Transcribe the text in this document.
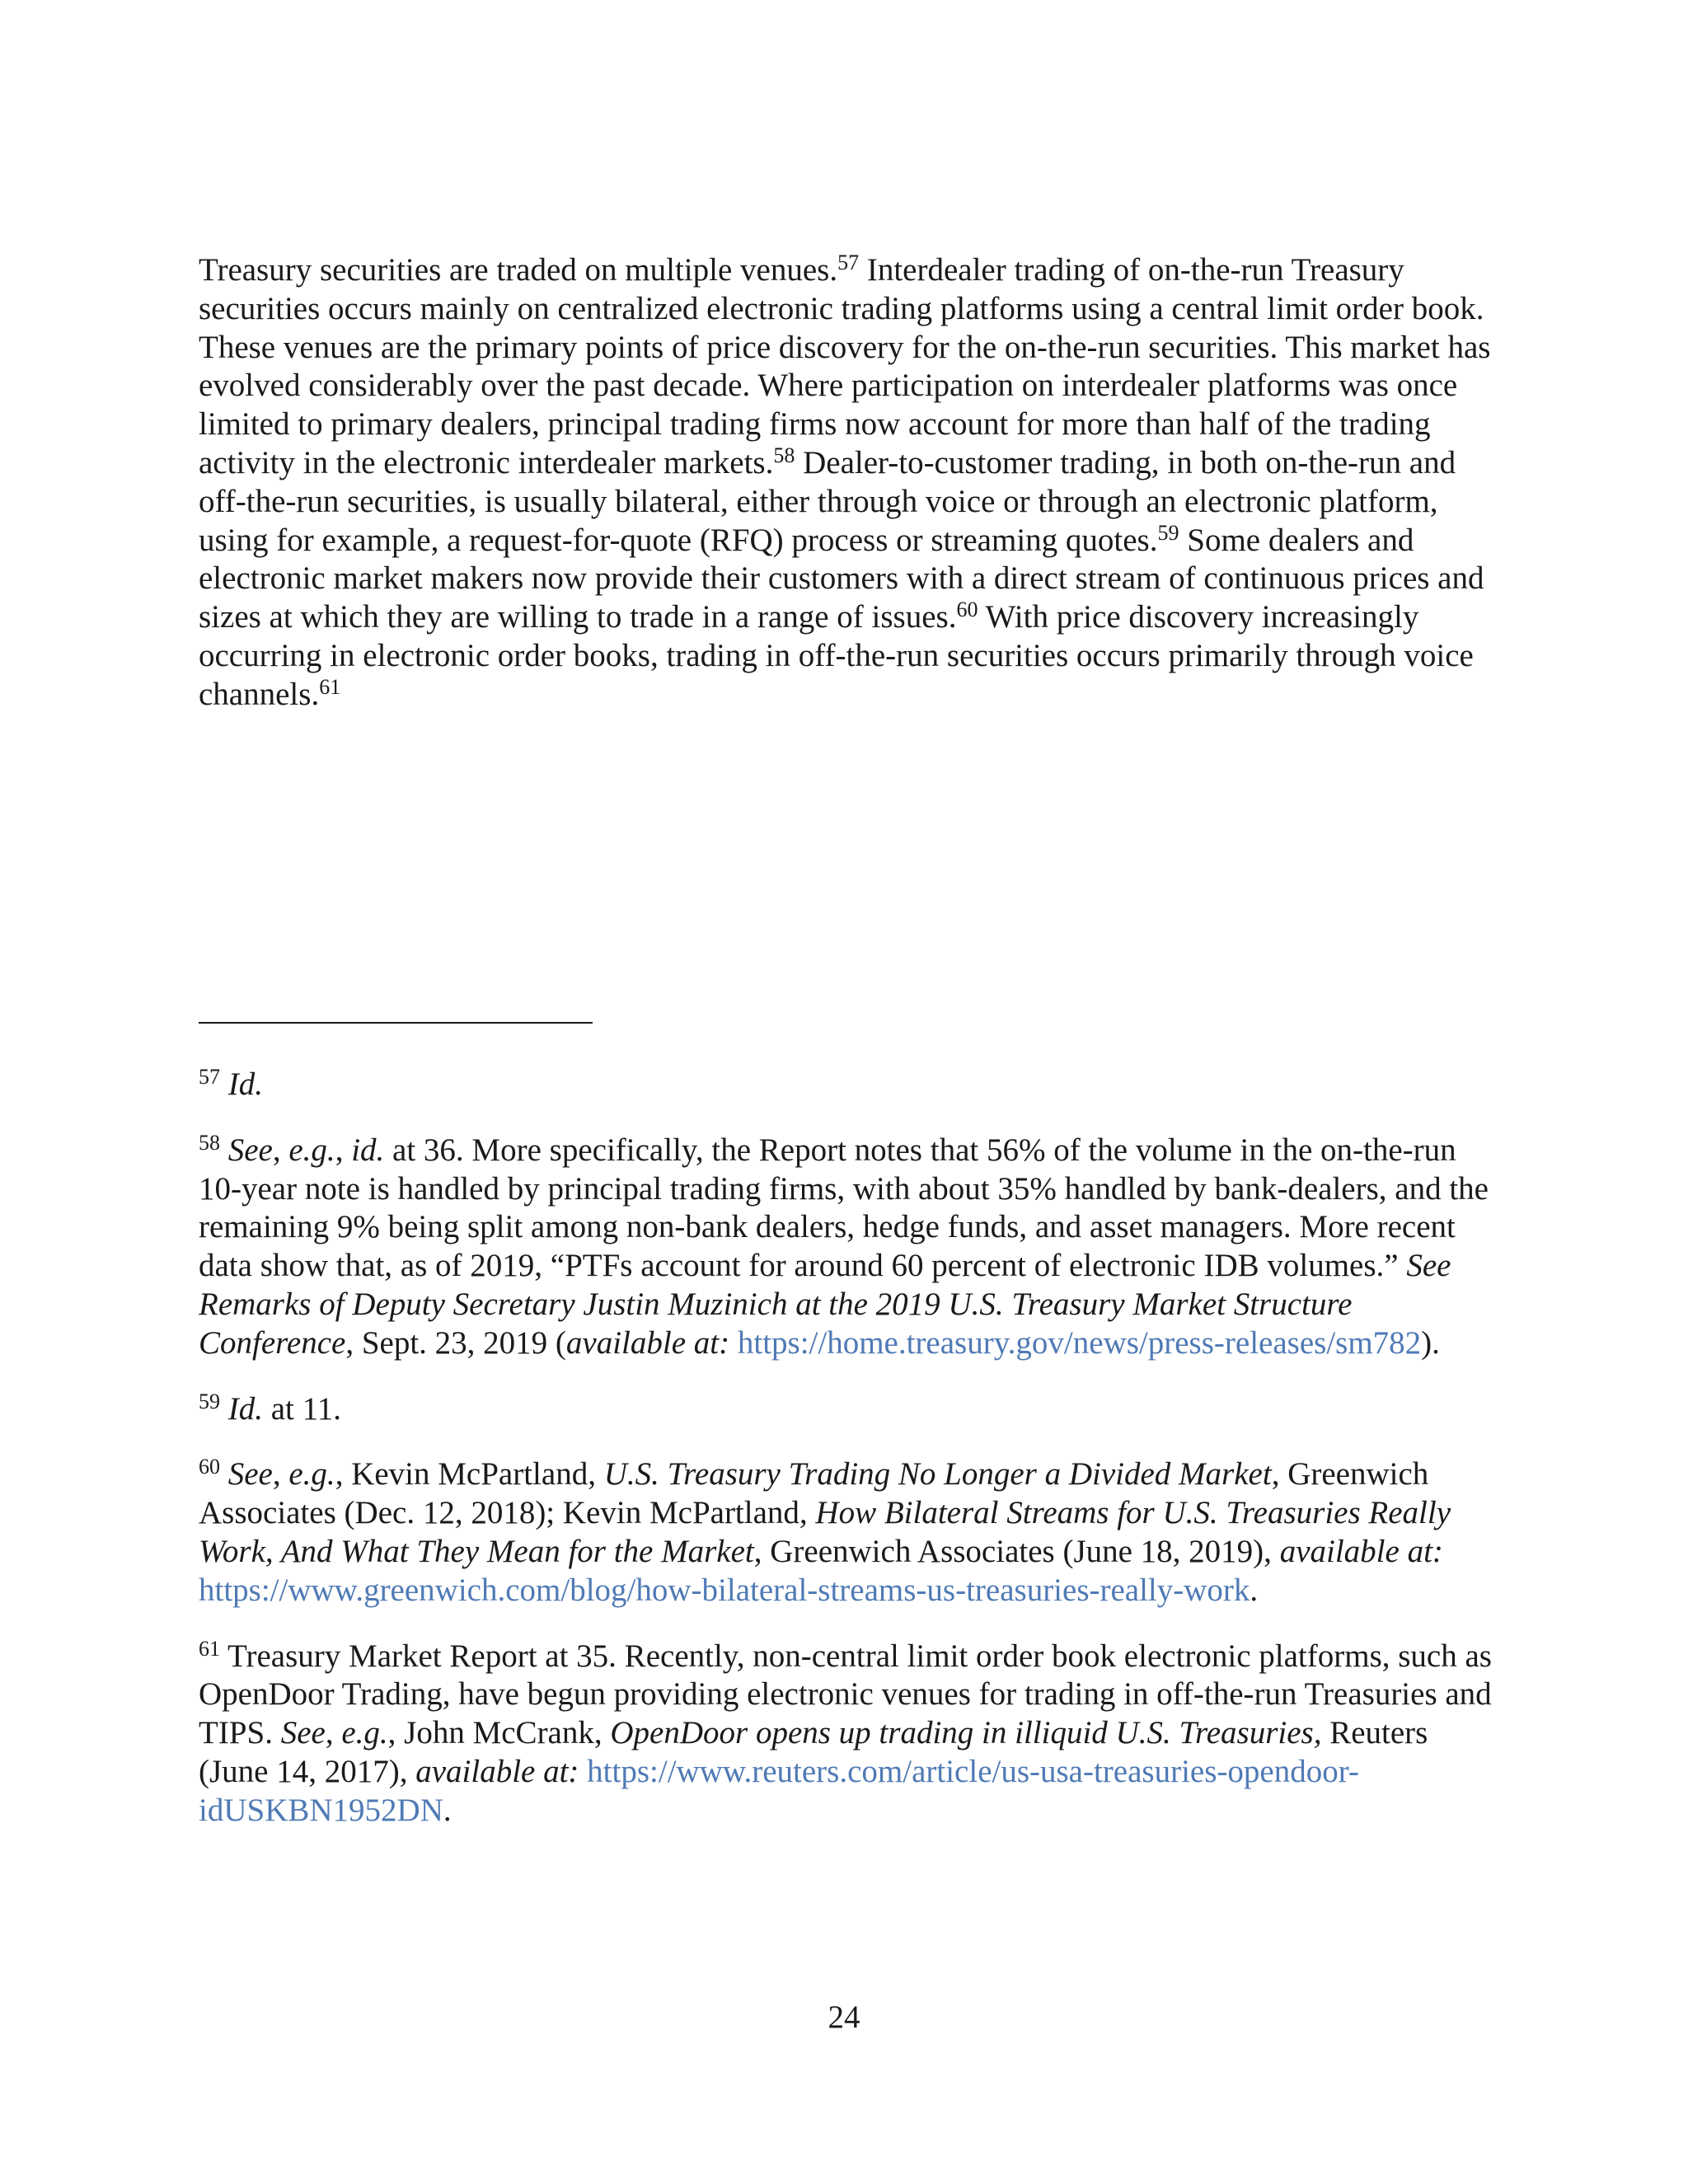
Treasury securities are traded on multiple venues.$^{57}$ Interdealer trading of on-the-run Treasury securities occurs mainly on centralized electronic trading platforms using a central limit order book. These venues are the primary points of price discovery for the on-the-run securities. This market has evolved considerably over the past decade. Where participation on interdealer platforms was once limited to primary dealers, principal trading firms now account for more than half of the trading activity in the electronic interdealer markets.$^{58}$ Dealer-to-customer trading, in both on-the-run and off-the-run securities, is usually bilateral, either through voice or through an electronic platform, using for example, a request-for-quote (RFQ) process or streaming quotes.$^{59}$ Some dealers and electronic market makers now provide their customers with a direct stream of continuous prices and sizes at which they are willing to trade in a range of issues.$^{60}$ With price discovery increasingly occurring in electronic order books, trading in off-the-run securities occurs primarily through voice channels.$^{61}$

$^{57}$ Id.

$^{58}$ See, e.g., id. at 36. More specifically, the Report notes that 56% of the volume in the on-the-run 10-year note is handled by principal trading firms, with about 35% handled by bank-dealers, and the remaining 9% being split among non-bank dealers, hedge funds, and asset managers. More recent data show that, as of 2019, “PTFs account for around 60 percent of electronic IDB volumes.” See Remarks of Deputy Secretary Justin Muzinich at the 2019 U.S. Treasury Market Structure Conference, Sept. 23, 2019 (available at: https://home.treasury.gov/news/press-releases/sm782).

$^{59}$ Id. at 11.

$^{60}$ See, e.g., Kevin McPartland, U.S. Treasury Trading No Longer a Divided Market, Greenwich Associates (Dec. 12, 2018); Kevin McPartland, How Bilateral Streams for U.S. Treasuries Really Work, And What They Mean for the Market, Greenwich Associates (June 18, 2019), available at: https://www.greenwich.com/blog/how-bilateral-streams-us-treasuries-really-work.

$^{61}$ Treasury Market Report at 35. Recently, non-central limit order book electronic platforms, such as OpenDoor Trading, have begun providing electronic venues for trading in off-the-run Treasuries and TIPS. See, e.g., John McCrank, OpenDoor opens up trading in illiquid U.S. Treasuries, Reuters (June 14, 2017), available at: https://www.reuters.com/article/us-usa-treasuries-opendoor-idUSKBN1952DN.

24
